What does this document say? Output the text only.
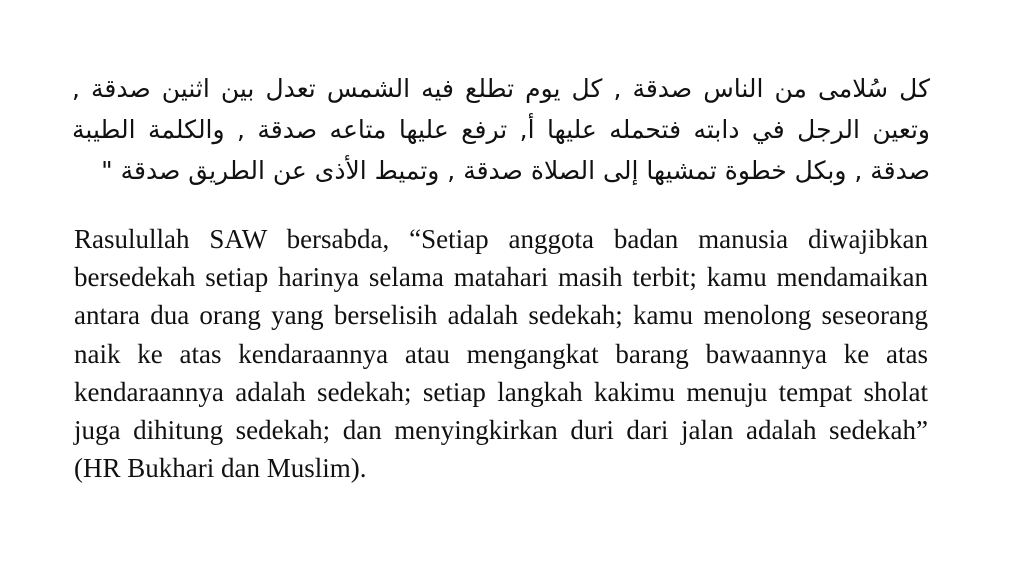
كل سُلامى من الناس صدقة , كل يوم تطلع فيه الشمس تعدل بين اثنين صدقة , وتعين الرجل في دابته فتحمله عليها أ, ترفع عليها متاعه صدقة , والكلمة الطيبة صدقة , وبكل خطوة تمشيها إلى الصلاة صدقة , وتميط الأذى عن الطريق صدقة "

Rasulullah SAW bersabda, “Setiap anggota badan manusia diwajibkan bersedekah setiap harinya selama matahari masih terbit; kamu mendamaikan antara dua orang yang berselisih adalah sedekah; kamu menolong seseorang naik ke atas kendaraannya atau mengangkat barang bawaannya ke atas kendaraannya adalah sedekah; setiap langkah kakimu menuju tempat sholat juga dihitung sedekah; dan menyingkirkan duri dari jalan adalah sedekah” (HR Bukhari dan Muslim).
